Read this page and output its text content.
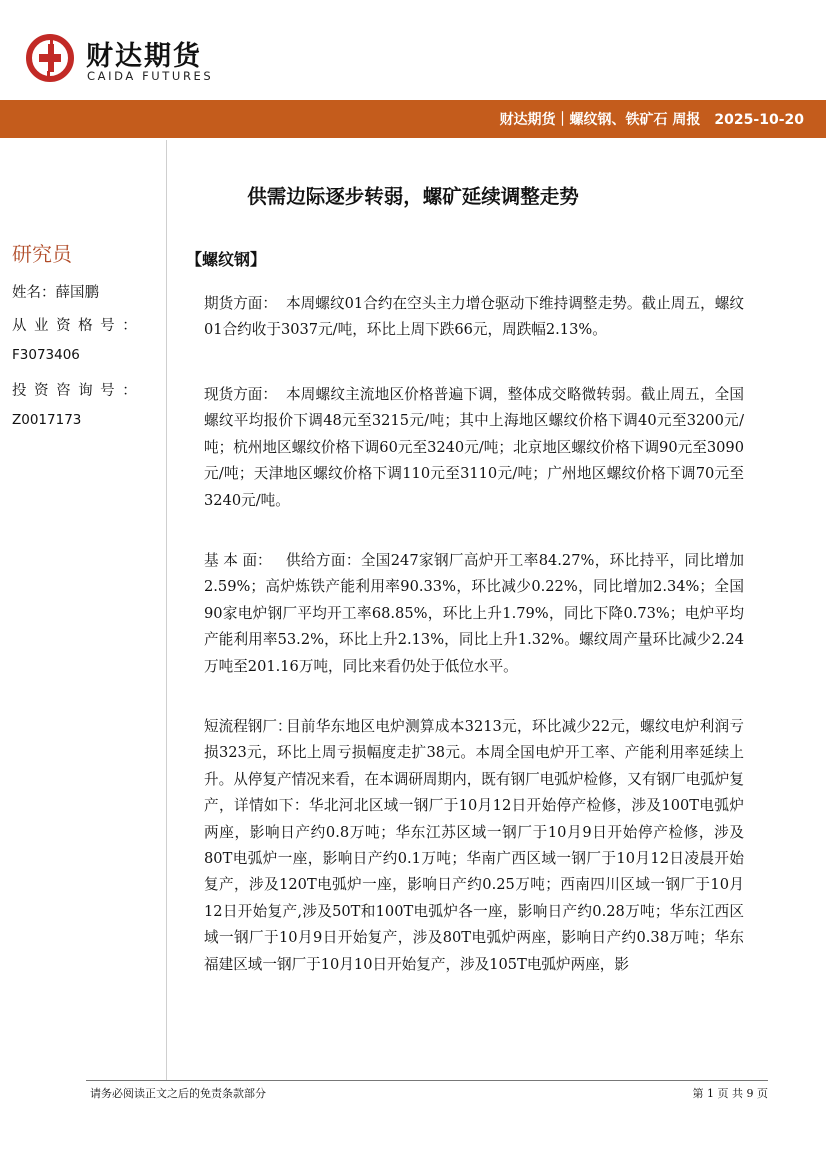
财达期货
CAIDA FUTURES
财达期货｜螺纹钢、铁矿石 周报　2025-10-20
研究员
姓名：薛国鹏
从业资格号：
F3073406
投资咨询号：
Z0017173
供需边际逐步转弱，螺矿延续调整走势
【螺纹钢】
期货方面： 本周螺纹01合约在空头主力增仓驱动下维持调整走势。截止周五，螺纹01合约收于3037元/吨，环比上周下跌66元，周跌幅2.13%。
现货方面： 本周螺纹主流地区价格普遍下调，整体成交略微转弱。截止周五，全国螺纹平均报价下调48元至3215元/吨；其中上海地区螺纹价格下调40元至3200元/吨；杭州地区螺纹价格下调60元至3240元/吨；北京地区螺纹价格下调90元至3090元/吨；天津地区螺纹价格下调110元至3110元/吨；广州地区螺纹价格下调70元至3240元/吨。
基 本 面： 供给方面：全国247家钢厂高炉开工率84.27%，环比持平，同比增加2.59%；高炉炼铁产能利用率90.33%，环比减少0.22%，同比增加2.34%；全国90家电炉钢厂平均开工率68.85%，环比上升1.79%，同比下降0.73%；电炉平均产能利用率53.2%，环比上升2.13%，同比上升1.32%。螺纹周产量环比减少2.24万吨至201.16万吨，同比来看仍处于低位水平。
短流程钢厂：
目前华东地区电炉测算成本3213元，环比减少22元，螺纹电炉利润亏损323元，环比上周亏损幅度走扩38元。本周全国电炉开工率、产能利用率延续上升。从停复产情况来看，在本调研周期内，既有钢厂电弧炉检修，又有钢厂电弧炉复产，详情如下：华北河北区域一钢厂于10月12日开始停产检修，涉及100T电弧炉两座，影响日产约0.8万吨；华东江苏区域一钢厂于10月9日开始停产检修，涉及80T电弧炉一座，影响日产约0.1万吨；华南广西区域一钢厂于10月12日凌晨开始复产，涉及120T电弧炉一座，影响日产约0.25万吨；西南四川区域一钢厂于10月12日开始复产,涉及50T和100T电弧炉各一座，影响日产约0.28万吨；华东江西区域一钢厂于10月9日开始复产，涉及80T电弧炉两座，影响日产约0.38万吨；华东福建区域一钢厂于10月10日开始复产，涉及105T电弧炉两座，影
请务必阅读正文之后的免责条款部分	第 1 页 共 9 页
